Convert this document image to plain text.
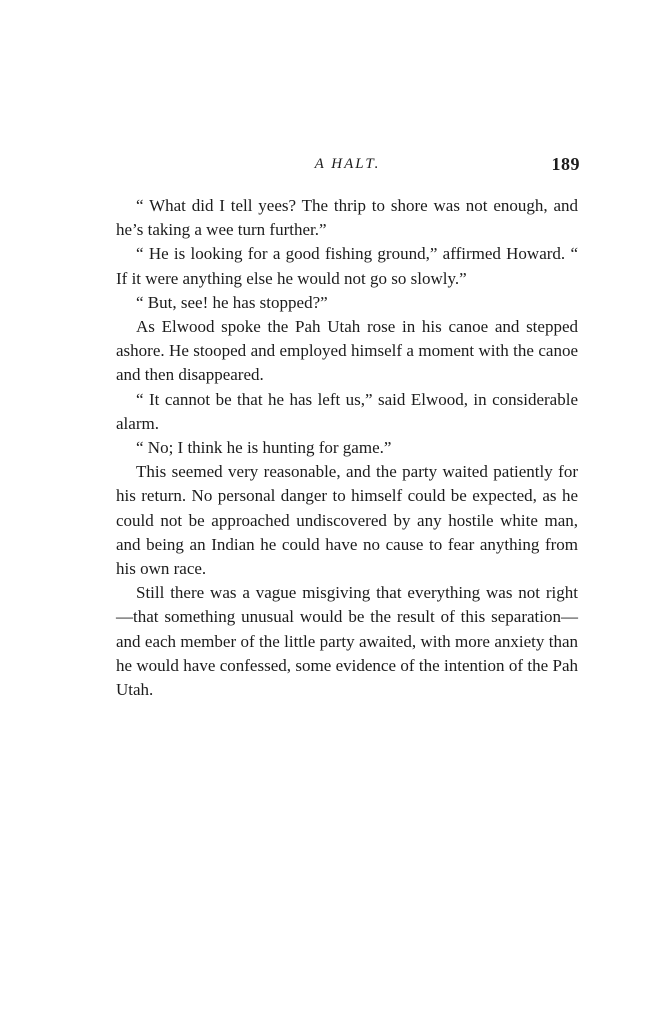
A HALT.	189

“ What did I tell yees? The thrip to shore was not enough, and he’s taking a wee turn further.”

“ He is looking for a good fishing ground,” affirmed Howard. “ If it were anything else he would not go so slowly.”

“ But, see! he has stopped?”

As Elwood spoke the Pah Utah rose in his canoe and stepped ashore. He stooped and employed himself a moment with the canoe and then disappeared.

“ It cannot be that he has left us,” said Elwood, in considerable alarm.

“ No; I think he is hunting for game.”

This seemed very reasonable, and the party waited patiently for his return. No personal danger to himself could be expected, as he could not be approached undiscovered by any hostile white man, and being an Indian he could have no cause to fear anything from his own race.

Still there was a vague misgiving that everything was not right—that something unusual would be the result of this separation—and each member of the little party awaited, with more anxiety than he would have confessed, some evidence of the intention of the Pah Utah.
